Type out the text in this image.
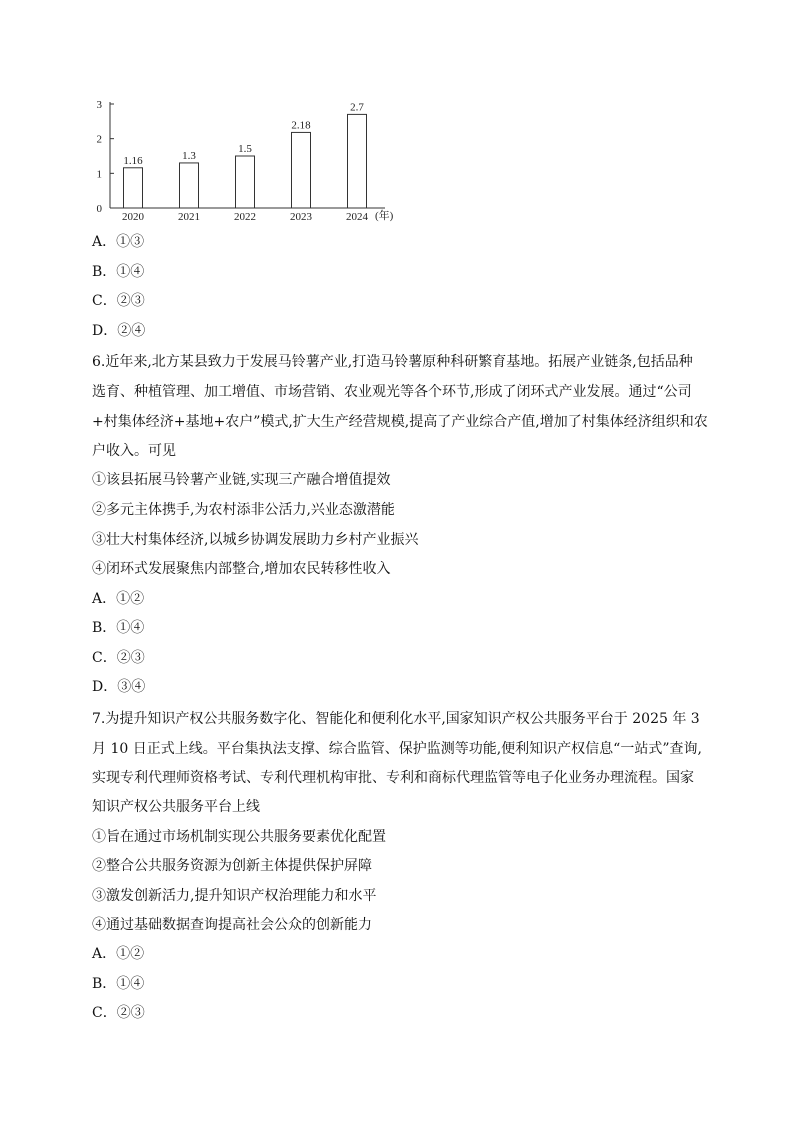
0
1
2
3
1.16
2020
1.3
2021
1.5
2022
2.18
2023
2.7
2024 (年)
A．①③
B．①④
C．②③
D．②④
6.近年来,北方某县致力于发展马铃薯产业,打造马铃薯原种科研繁育基地。拓展产业链条,包括品种
选育、种植管理、加工增值、市场营销、农业观光等各个环节,形成了闭环式产业发展。通过“公司
+村集体经济+基地+农户”模式,扩大生产经营规模,提高了产业综合产值,增加了村集体经济组织和农
户收入。可见
①该县拓展马铃薯产业链,实现三产融合增值提效
②多元主体携手,为农村添非公活力,兴业态激潜能
③壮大村集体经济,以城乡协调发展助力乡村产业振兴
④闭环式发展聚焦内部整合,增加农民转移性收入
A．①②
B．①④
C．②③
D．③④
7.为提升知识产权公共服务数字化、智能化和便利化水平,国家知识产权公共服务平台于 2025 年 3
月 10 日正式上线。平台集执法支撑、综合监管、保护监测等功能,便利知识产权信息“一站式”查询,
实现专利代理师资格考试、专利代理机构审批、专利和商标代理监管等电子化业务办理流程。国家
知识产权公共服务平台上线
①旨在通过市场机制实现公共服务要素优化配置
②整合公共服务资源为创新主体提供保护屏障
③激发创新活力,提升知识产权治理能力和水平
④通过基础数据查询提高社会公众的创新能力
A．①②
B．①④
C．②③
